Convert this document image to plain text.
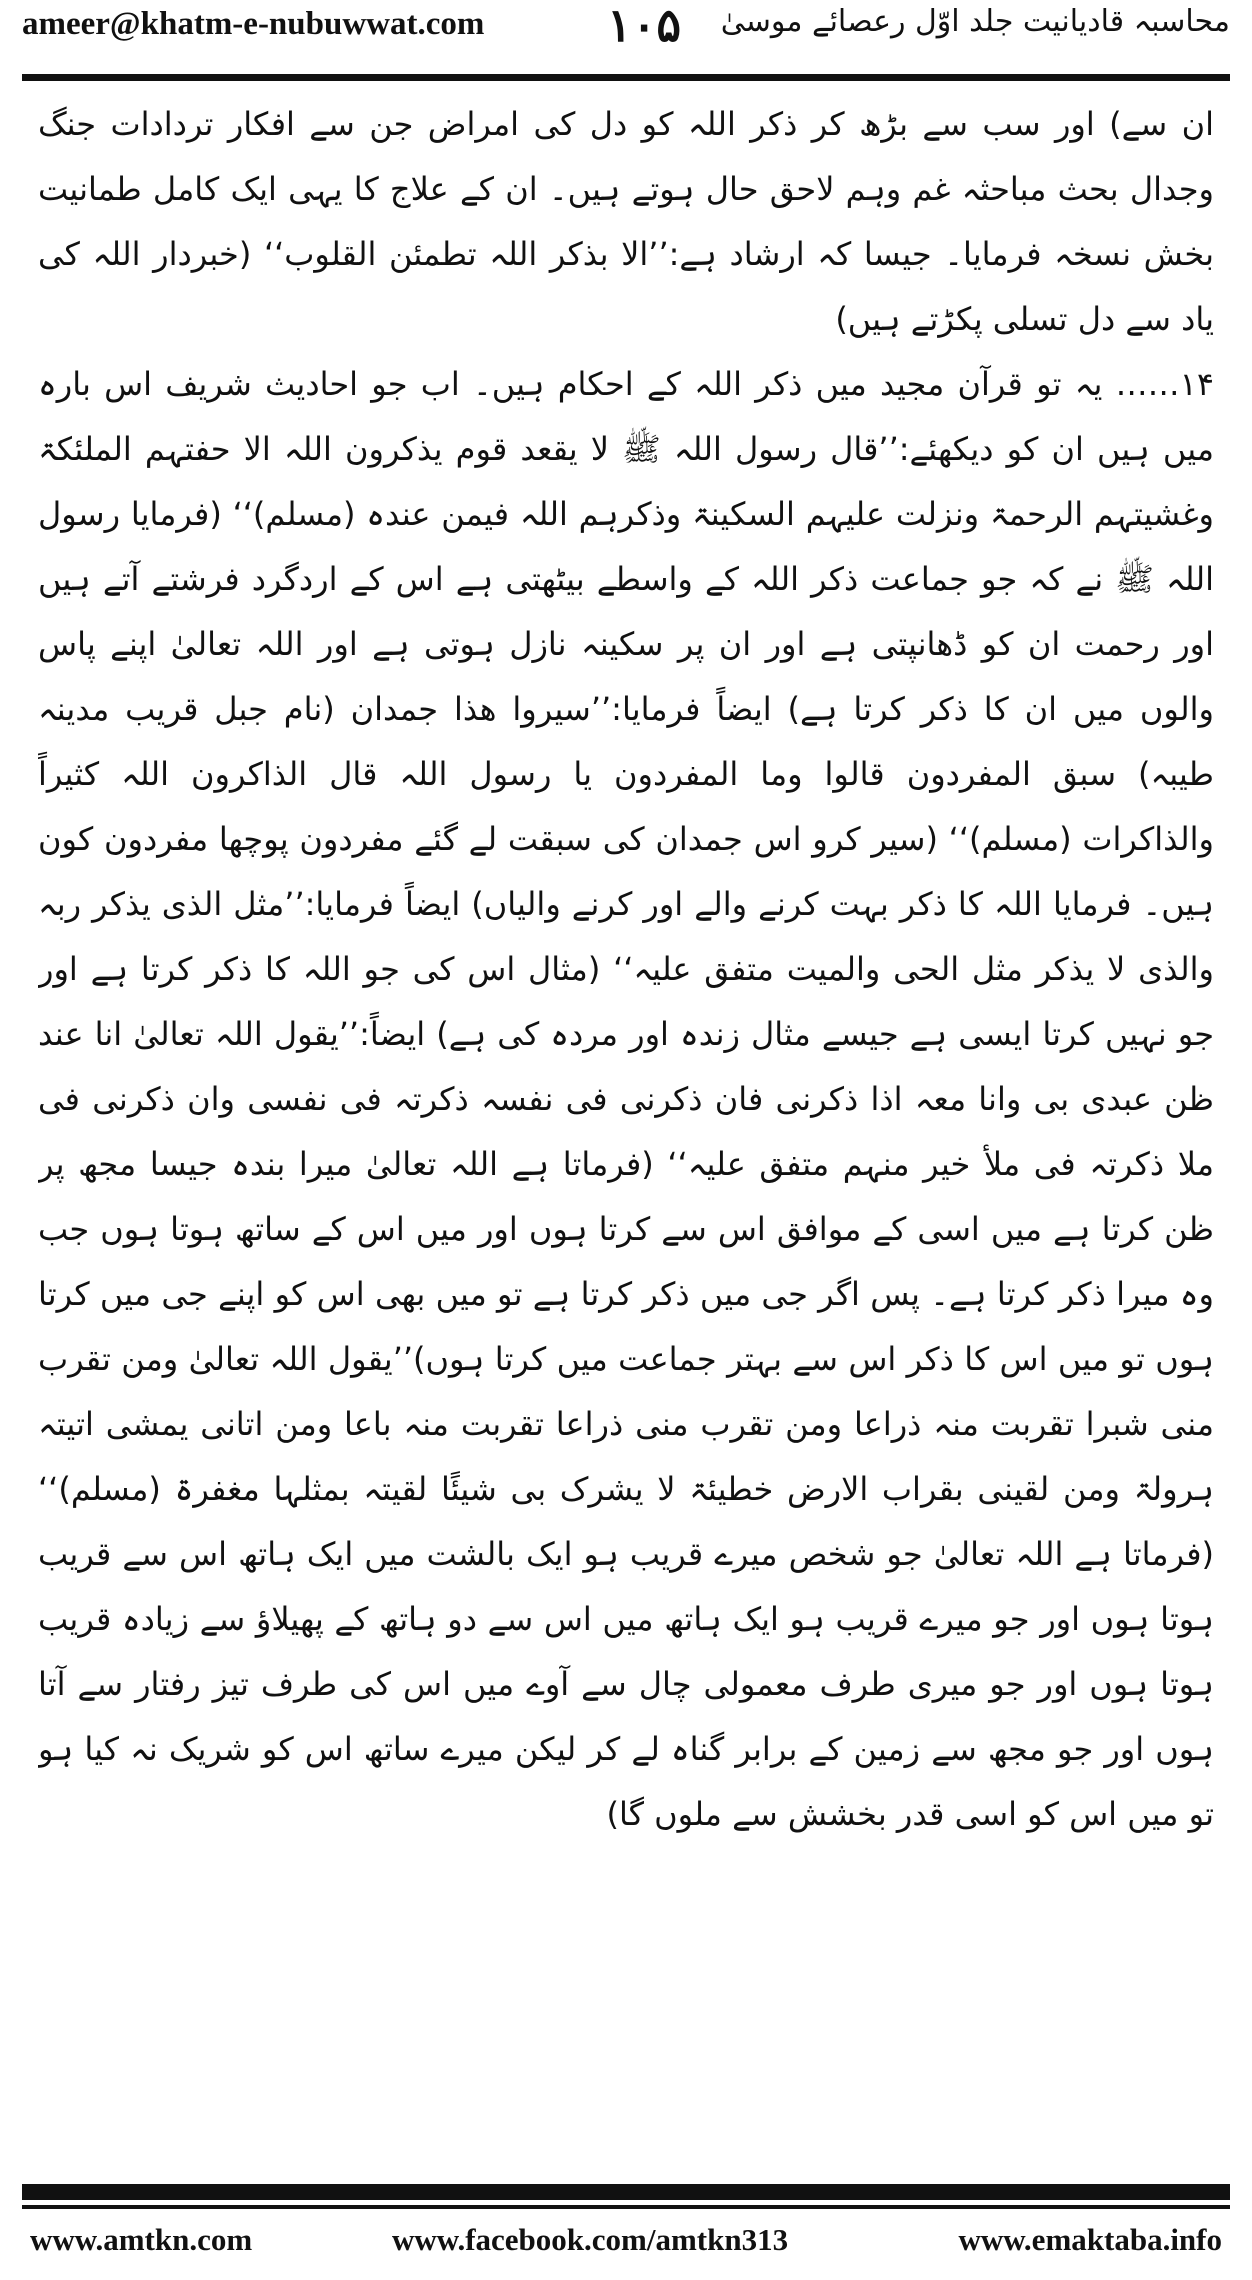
ameer@khatm-e-nubuwwat.com	۱۰۵ محاسبہ قادیانیت جلد اوّل رعصائے موسیٰ

ان سے) اور سب سے بڑھ کر ذکر اللہ کو دل کی امراض جن سے افکار تردادات جنگ وجدال بحث مباحثہ غم وہم لاحق حال ہوتے ہیں۔ ان کے علاج کا یہی ایک کامل طمانیت بخش نسخہ فرمایا۔ جیسا کہ ارشاد ہے:’’الا بذکر اللہ تطمئن القلوب‘‘ (خبردار اللہ کی یاد سے دل تسلی پکڑتے ہیں)

۱۴…… یہ تو قرآن مجید میں ذکر اللہ کے احکام ہیں۔ اب جو احادیث شریف اس بارہ میں ہیں ان کو دیکھئے:’’قال رسول اللہ ﷺ لا یقعد قوم یذکرون اللہ الا حفتہم الملئکۃ وغشیتہم الرحمۃ ونزلت علیہم السکینۃ وذکرہم اللہ فیمن عندہ (مسلم)‘‘ (فرمایا رسول اللہ ﷺ نے کہ جو جماعت ذکر اللہ کے واسطے بیٹھتی ہے اس کے اردگرد فرشتے آتے ہیں اور رحمت ان کو ڈھانپتی ہے اور ان پر سکینہ نازل ہوتی ہے اور اللہ تعالیٰ اپنے پاس والوں میں ان کا ذکر کرتا ہے) ایضاً فرمایا:’’سیروا ھذا جمدان (نام جبل قریب مدینہ طیبہ) سبق المفردون قالوا وما المفردون یا رسول اللہ قال الذاکرون اللہ کثیراً والذاکرات (مسلم)‘‘ (سیر کرو اس جمدان کی سبقت لے گئے مفردون پوچھا مفردون کون ہیں۔ فرمایا اللہ کا ذکر بہت کرنے والے اور کرنے والیاں) ایضاً فرمایا:’’مثل الذی یذکر ربہ والذی لا یذکر مثل الحی والمیت متفق علیہ‘‘ (مثال اس کی جو اللہ کا ذکر کرتا ہے اور جو نہیں کرتا ایسی ہے جیسے مثال زندہ اور مردہ کی ہے) ایضاً:’’یقول اللہ تعالیٰ انا عند ظن عبدی بی وانا معہ اذا ذکرنی فان ذکرنی فی نفسہ ذکرتہ فی نفسی وان ذکرنی فی ملا ذکرتہ فی ملأ خیر منہم متفق علیہ‘‘ (فرماتا ہے اللہ تعالیٰ میرا بندہ جیسا مجھ پر ظن کرتا ہے میں اسی کے موافق اس سے کرتا ہوں اور میں اس کے ساتھ ہوتا ہوں جب وہ میرا ذکر کرتا ہے۔ پس اگر جی میں ذکر کرتا ہے تو میں بھی اس کو اپنے جی میں کرتا ہوں تو میں اس کا ذکر اس سے بہتر جماعت میں کرتا ہوں)’’یقول اللہ تعالیٰ ومن تقرب منی شبرا تقربت منہ ذراعا ومن تقرب منی ذراعا تقربت منہ باعا ومن اتانی یمشی اتیتہ ہرولۃ ومن لقینی بقراب الارض خطیئۃ لا یشرک بی شیئًا لقیتہ بمثلہا مغفرۃ (مسلم)‘‘ (فرماتا ہے اللہ تعالیٰ جو شخص میرے قریب ہو ایک بالشت میں ایک ہاتھ اس سے قریب ہوتا ہوں اور جو میرے قریب ہو ایک ہاتھ میں اس سے دو ہاتھ کے پھیلاؤ سے زیادہ قریب ہوتا ہوں اور جو میری طرف معمولی چال سے آوے میں اس کی طرف تیز رفتار سے آتا ہوں اور جو مجھ سے زمین کے برابر گناہ لے کر لیکن میرے ساتھ اس کو شریک نہ کیا ہو تو میں اس کو اسی قدر بخشش سے ملوں گا)

www.amtkn.com	www.facebook.com/amtkn313	www.emaktaba.info
